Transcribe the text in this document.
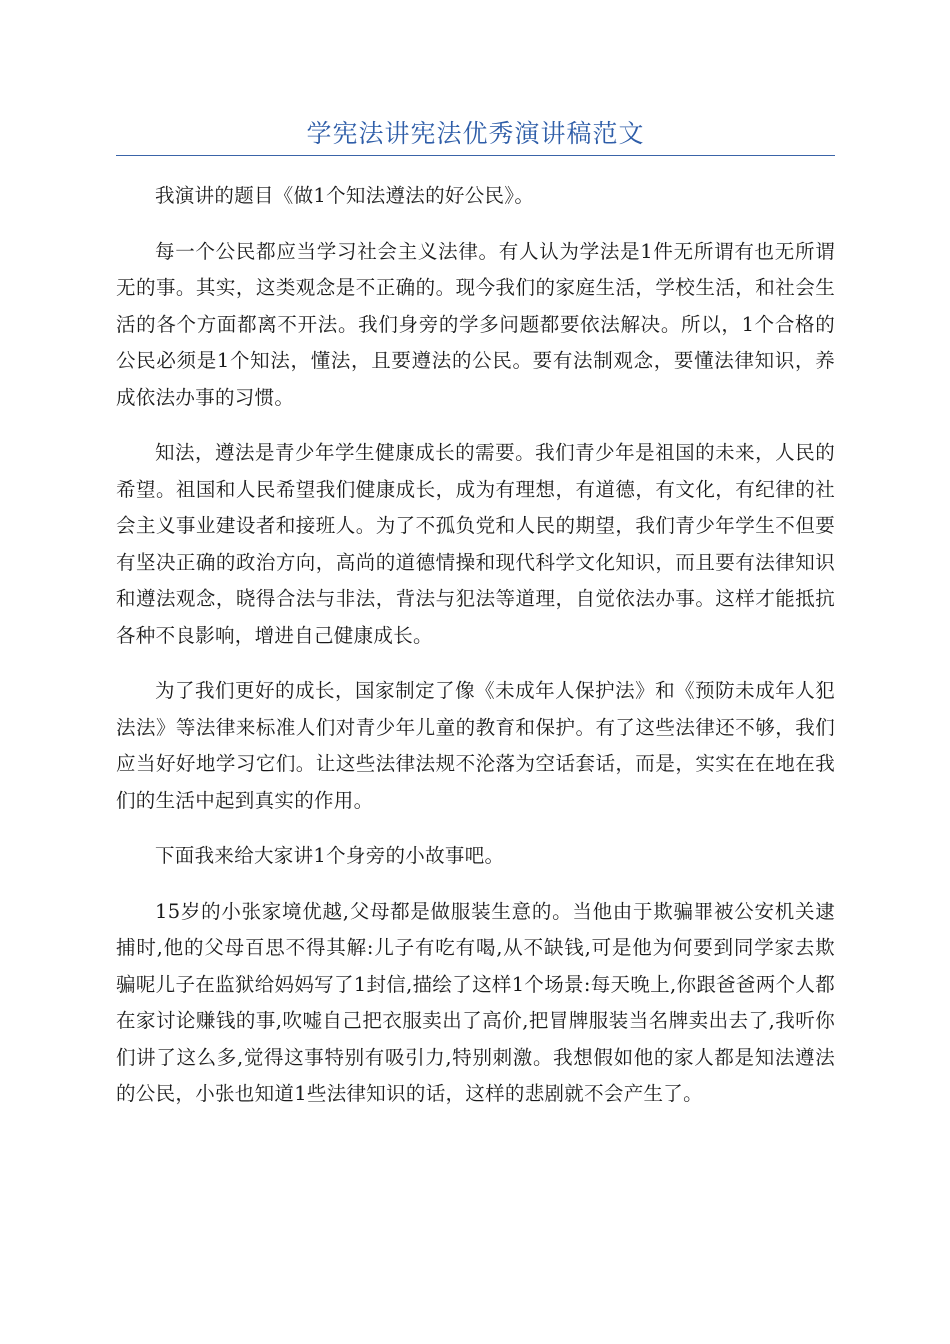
学宪法讲宪法优秀演讲稿范文

我演讲的题目《做1个知法遵法的好公民》。

每一个公民都应当学习社会主义法律。有人认为学法是1件无所谓有也无所谓无的事。其实，这类观念是不正确的。现今我们的家庭生活，学校生活，和社会生活的各个方面都离不开法。我们身旁的学多问题都要依法解决。所以，1个合格的公民必须是1个知法，懂法，且要遵法的公民。要有法制观念，要懂法律知识，养成依法办事的习惯。

知法，遵法是青少年学生健康成长的需要。我们青少年是祖国的未来，人民的希望。祖国和人民希望我们健康成长，成为有理想，有道德，有文化，有纪律的社会主义事业建设者和接班人。为了不孤负党和人民的期望，我们青少年学生不但要有坚决正确的政治方向，高尚的道德情操和现代科学文化知识，而且要有法律知识和遵法观念，晓得合法与非法，背法与犯法等道理，自觉依法办事。这样才能抵抗各种不良影响，增进自己健康成长。

为了我们更好的成长，国家制定了像《未成年人保护法》和《预防未成年人犯法法》等法律来标准人们对青少年儿童的教育和保护。有了这些法律还不够，我们应当好好地学习它们。让这些法律法规不沦落为空话套话，而是，实实在在地在我们的生活中起到真实的作用。

下面我来给大家讲1个身旁的小故事吧。

15岁的小张家境优越,父母都是做服装生意的。当他由于欺骗罪被公安机关逮捕时,他的父母百思不得其解:儿子有吃有喝,从不缺钱,可是他为何要到同学家去欺骗呢儿子在监狱给妈妈写了1封信,描绘了这样1个场景:每天晚上,你跟爸爸两个人都在家讨论赚钱的事,吹嘘自己把衣服卖出了高价,把冒牌服装当名牌卖出去了,我听你们讲了这么多,觉得这事特别有吸引力,特别刺激。我想假如他的家人都是知法遵法的公民，小张也知道1些法律知识的话，这样的悲剧就不会产生了。
